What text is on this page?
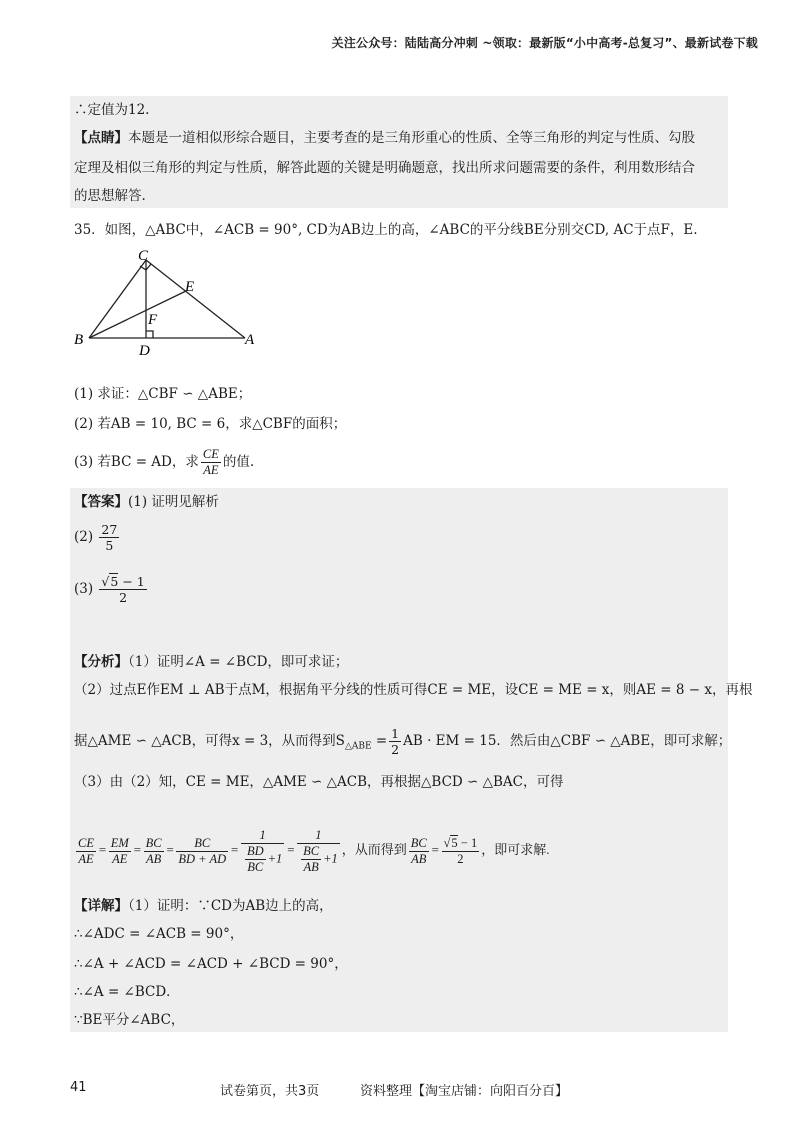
关注公众号：陆陆高分冲刺 ~领取：最新版“小中高考-总复习”、最新试卷下载
∴定值为12.
【点睛】本题是一道相似形综合题目，主要考查的是三角形重心的性质、全等三角形的判定与性质、勾股
定理及相似三角形的判定与性质，解答此题的关键是明确题意，找出所求问题需要的条件，利用数形结合
的思想解答.
35．如图，△ABC中，∠ACB = 90°, CD为AB边上的高，∠ABC的平分线BE分别交CD, AC于点F，E.
C
E
F
B
D
A
(1) 求证：△CBF ∽ △ABE；
(2) 若AB = 10, BC = 6，求△CBF的面积；
(3) 若BC = AD，求 $\frac{CE}{AE}$ 的值.
【答案】(1) 证明见解析
$(2) \frac{27}{5}$
$(3) \frac{√5 - 1}{2}$
【分析】（1）证明∠A = ∠BCD，即可求证；
（2）过点E作EM ⊥ AB于点M，根据角平分线的性质可得CE = ME，设CE = ME = x，则AE = 8 − x，再根
据△AME ∽ △ACB，可得x = 3，从而得到$S_{\triangle ABE} = \frac{1}{2}$ AB · EM = 15．然后由△CBF ∽ △ABE，即可求解；
（3）由（2）知，CE = ME，△AME ∽ △ACB，再根据△BCD ∽ △BAC，可得
$\frac{CE}{AE} = \frac{EM}{AE} = \frac{BC}{AB} = \frac{BC}{BD + AD} = \frac{1}{\frac{BD}{BC} +1} = \frac{1}{\frac{BC}{AB} +1}$ ，从而得到 $\frac{BC}{AB} = \frac{√5 - 1}{2}$ ，即可求解.
【详解】（1）证明：∵CD为AB边上的高，
∴∠ADC = ∠ACB = 90°，
∴∠A + ∠ACD = ∠ACD + ∠BCD = 90°，
∴∠A = ∠BCD．
∵BE平分∠ABC，
41	试卷第页，共3页	资料整理【淘宝店铺：向阳百分百】
